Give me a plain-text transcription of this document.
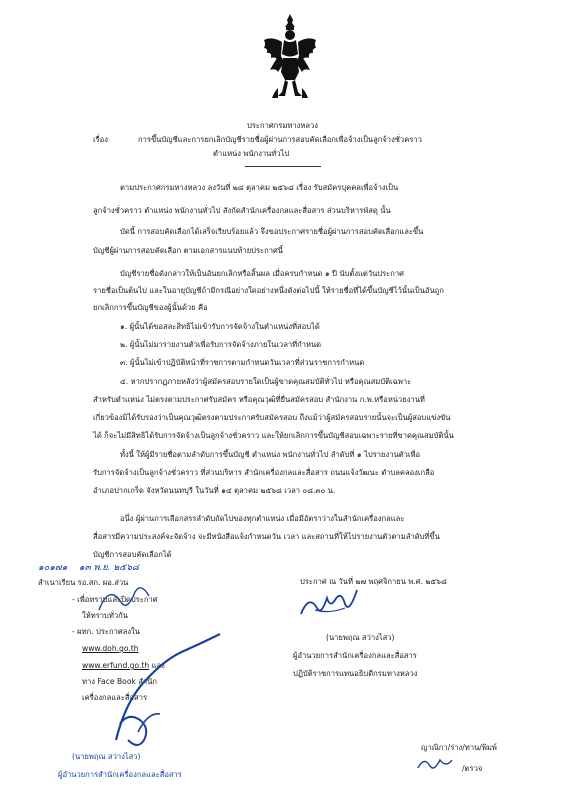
ประกาศกรมทางหลวง
เรื่อง	การขึ้นบัญชีและการยกเลิกบัญชีรายชื่อผู้ผ่านการสอบคัดเลือกเพื่อจ้างเป็นลูกจ้างชั่วคราว
ตำแหน่ง พนักงานทั่วไป
ตามประกาศกรมทางหลวง ลงวันที่ ๒๘ ตุลาคม ๒๕๖๘ เรื่อง รับสมัครบุคคลเพื่อจ้างเป็น
ลูกจ้างชั่วคราว ตำแหน่ง พนักงานทั่วไป สังกัดสำนักเครื่องกลและสื่อสาร ส่วนบริหารพัสดุ นั้น
บัดนี้ การสอบคัดเลือกได้เสร็จเรียบร้อยแล้ว จึงขอประกาศรายชื่อผู้ผ่านการสอบคัดเลือกและขึ้น
บัญชีผู้ผ่านการสอบคัดเลือก ตามเอกสารแนบท้ายประกาศนี้
บัญชีรายชื่อดังกล่าวให้เป็นอันยกเลิกหรือสิ้นผล เมื่อครบกำหนด ๑ ปี นับตั้งแต่วันประกาศ
รายชื่อเป็นต้นไป และในอายุบัญชีถ้ามีกรณีอย่างใดอย่างหนึ่งดังต่อไปนี้ ให้รายชื่อที่ได้ขึ้นบัญชีไว้นั้นเป็นอันถูก
ยกเลิกการขึ้นบัญชีของผู้นั้นด้วย คือ
๑. ผู้นั้นได้ขอสละสิทธิไม่เข้ารับการจัดจ้างในตำแหน่งที่สอบได้
๒. ผู้นั้นไม่มารายงานตัวเพื่อรับการจัดจ้างภายในเวลาที่กำหนด
๓. ผู้นั้นไม่เข้าปฏิบัติหน้าที่ราชการตามกำหนดวันเวลาที่ส่วนราชการกำหนด
๔. หากปรากฏภายหลังว่าผู้สมัครสอบรายใดเป็นผู้ขาดคุณสมบัติทั่วไป หรือคุณสมบัติเฉพาะ
สำหรับตำแหน่ง ไม่ตรงตามประกาศรับสมัคร หรือคุณวุฒิที่ยื่นสมัครสอบ สำนักงาน ก.พ.หรือหน่วยงานที่
เกี่ยวข้องมิได้รับรองว่าเป็นคุณวุฒิตรงตามประกาศรับสมัครสอบ ถึงแม้ว่าผู้สมัครสอบรายนั้นจะเป็นผู้สอบแข่งขัน
ได้ ก็จะไม่มีสิทธิได้รับการจัดจ้างเป็นลูกจ้างชั่วคราว และให้ยกเลิกการขึ้นบัญชีสอบเฉพาะรายที่ขาดคุณสมบัตินั้น
ทั้งนี้ ให้ผู้มีรายชื่อตามลำดับการขึ้นบัญชี ตำแหน่ง พนักงานทั่วไป ลำดับที่ ๑ ไปรายงานตัวเพื่อ
รับการจัดจ้างเป็นลูกจ้างชั่วคราว ที่ส่วนบริหาร สำนักเครื่องกลและสื่อสาร ถนนแจ้งวัฒนะ ตำบลคลองเกลือ
อำเภอปากเกร็ด จังหวัดนนทบุรี ในวันที่ ๑๔ ตุลาคม ๒๕๖๘ เวลา ๐๘.๓๐ น.
อนึ่ง ผู้ผ่านการเลือกสรรลำดับถัดไปของทุกตำแหน่ง เมื่อมีอัตราว่างในสำนักเครื่องกลและ
สื่อสารมีความประสงค์จะจัดจ้าง จะมีหนังสือแจ้งกำหนดวัน เวลา และสถานที่ให้ไปรายงานตัวตามลำดับที่ขึ้น
บัญชีการสอบคัดเลือกได้
๑๐๑๗๑ ๑๓ พ.ย. ๒๕๖๘
ประกาศ ณ วันที่ ๒๗ พฤศจิกายน พ.ศ. ๒๕๖๘
(นายพฤณ สว่างไสว)
ผู้อำนวยการสำนักเครื่องกลและสื่อสาร
ปฏิบัติราชการแทนอธิบดีกรมทางหลวง
สำเนาเรียน รอ.สก. ผอ.ส่วน
- เพื่อทราบและปิดประกาศ
ให้ทราบทั่วกัน
- ผทก. ประกาศลงใน
www.doh.go.th
www.erfund.go.th และ
ทาง Face Book สำนัก
เครื่องกลและสื่อสาร
(นายพฤณ สว่างไสว)
ผู้อำนวยการสำนักเครื่องกลและสื่อสาร
ญาณิกา/ร่าง/ทาน/พิมพ์
/ตรวจ
